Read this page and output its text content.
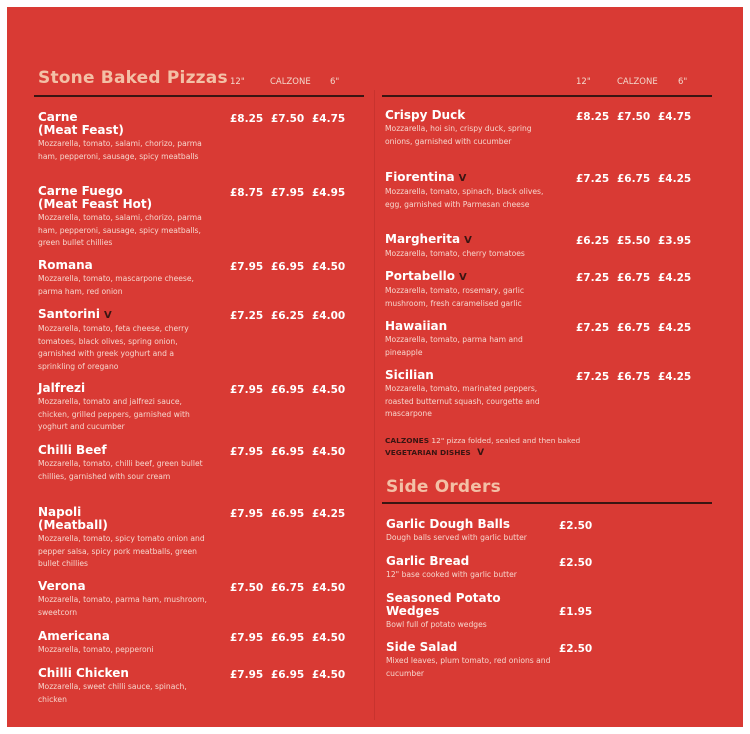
Stone Baked Pizzas 12"	CALZONE 6"	12"	CALZONE 6"
Carne
(Meat Feast)
Mozzarella, tomato, salami, chorizo, parma ham, pepperoni, sausage, spicy meatballs
£8.25 £7.50 £4.75
Carne Fuego
(Meat Feast Hot)
Mozzarella, tomato, salami, chorizo, parma ham, pepperoni, sausage, spicy meatballs, green bullet chillies
£8.75 £7.95 £4.95
Romana
Mozzarella, tomato, mascarpone cheese, parma ham, red onion
£7.95 £6.95 £4.50
Santorini V
Mozzarella, tomato, feta cheese, cherry tomatoes, black olives, spring onion, garnished with greek yoghurt and a sprinkling of oregano
£7.25 £6.25 £4.00
Jalfrezi
Mozzarella, tomato and jalfrezi sauce, chicken, grilled peppers, garnished with yoghurt and cucumber
£7.95 £6.95 £4.50
Chilli Beef
Mozzarella, tomato, chilli beef, green bullet chillies, garnished with sour cream
£7.95 £6.95 £4.50
Napoli
(Meatball)
Mozzarella, tomato, spicy tomato onion and pepper salsa, spicy pork meatballs, green bullet chillies
£7.95 £6.95 £4.25
Verona
Mozzarella, tomato, parma ham, mushroom, sweetcorn
£7.50 £6.75 £4.50
Americana
Mozzarella, tomato, pepperoni
£7.95 £6.95 £4.50
Chilli Chicken
Mozzarella, sweet chilli sauce, spinach, chicken
£7.95 £6.95 £4.50
Crispy Duck
Mozzarella, hoi sin, crispy duck, spring onions, garnished with cucumber
£8.25 £7.50 £4.75
Fiorentina V
Mozzarella, tomato, spinach, black olives, egg, garnished with Parmesan cheese
£7.25 £6.75 £4.25
Margherita V
Mozzarella, tomato, cherry tomatoes
£6.25 £5.50 £3.95
Portabello V
Mozzarella, tomato, rosemary, garlic mushroom, fresh caramelised garlic
£7.25 £6.75 £4.25
Hawaiian
Mozzarella, tomato, parma ham and pineapple
£7.25 £6.75 £4.25
Sicilian
Mozzarella, tomato, marinated peppers, roasted butternut squash, courgette and mascarpone
£7.25 £6.75 £4.25
CALZONES 12" pizza folded, sealed and then baked
VEGETARIAN DISHES V
Side Orders
Garlic Dough Balls
Dough balls served with garlic butter
£2.50
Garlic Bread
12" base cooked with garlic butter
£2.50
Seasoned Potato
Wedges
Bowl full of potato wedges
£1.95
Side Salad
Mixed leaves, plum tomato, red onions and cucumber
£2.50
